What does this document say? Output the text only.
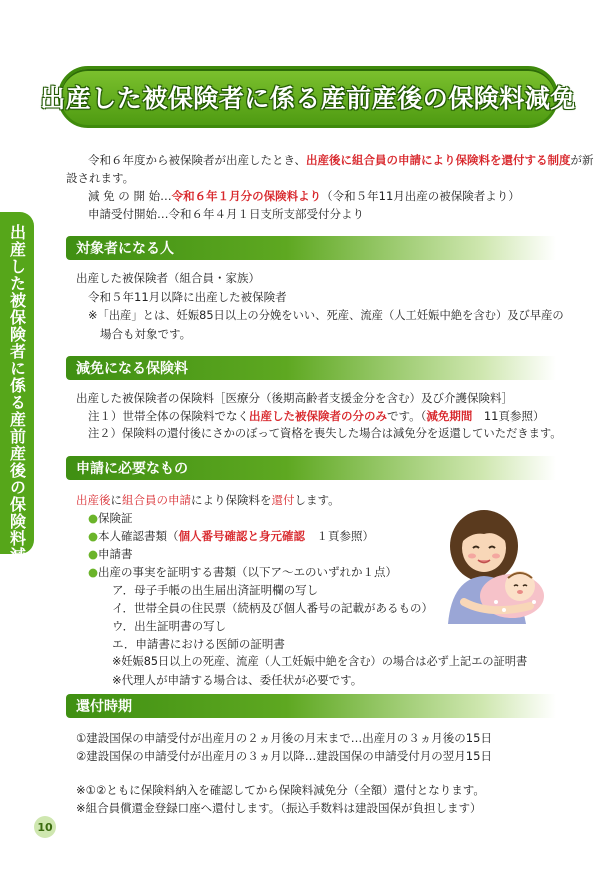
出産した被保険者に係る産前産後の保険料減免
出産した被保険者に係る産前産後の保険料減免
令和６年度から被保険者が出産したとき、出産後に組合員の申請により保険料を還付する制度が新
設されます。
減 免 の 開 始…令和６年１月分の保険料より（令和５年11月出産の被保険者より）
申請受付開始…令和６年４月１日支所支部受付分より
対象者になる人
出産した被保険者（組合員・家族）
令和５年11月以降に出産した被保険者
※「出産」とは、妊娠85日以上の分娩をいい、死産、流産（人工妊娠中絶を含む）及び早産の
場合も対象です。
減免になる保険料
出産した被保険者の保険料［医療分（後期高齢者支援金分を含む）及び介護保険料］
注１）世帯全体の保険料でなく出産した被保険者の分のみです。（減免期間　11頁参照）
注２）保険料の還付後にさかのぼって資格を喪失した場合は減免分を返還していただきます。
申請に必要なもの
出産後に組合員の申請により保険料を還付します。
●保険証
●本人確認書類（個人番号確認と身元確認　１頁参照）
●申請書
●出産の事実を証明する書類（以下ア～エのいずれか１点）
ア．母子手帳の出生届出済証明欄の写し
イ．世帯全員の住民票（続柄及び個人番号の記載があるもの）
ウ．出生証明書の写し
エ．申請書における医師の証明書
※妊娠85日以上の死産、流産（人工妊娠中絶を含む）の場合は必ず上記エの証明書
※代理人が申請する場合は、委任状が必要です。
還付時期
①建設国保の申請受付が出産月の２ヵ月後の月末まで…出産月の３ヵ月後の15日
②建設国保の申請受付が出産月の３ヵ月以降…建設国保の申請受付月の翌月15日
※①②ともに保険料納入を確認してから保険料減免分（全額）還付となります。
※組合員償還金登録口座へ還付します。（振込手数料は建設国保が負担します）
10
